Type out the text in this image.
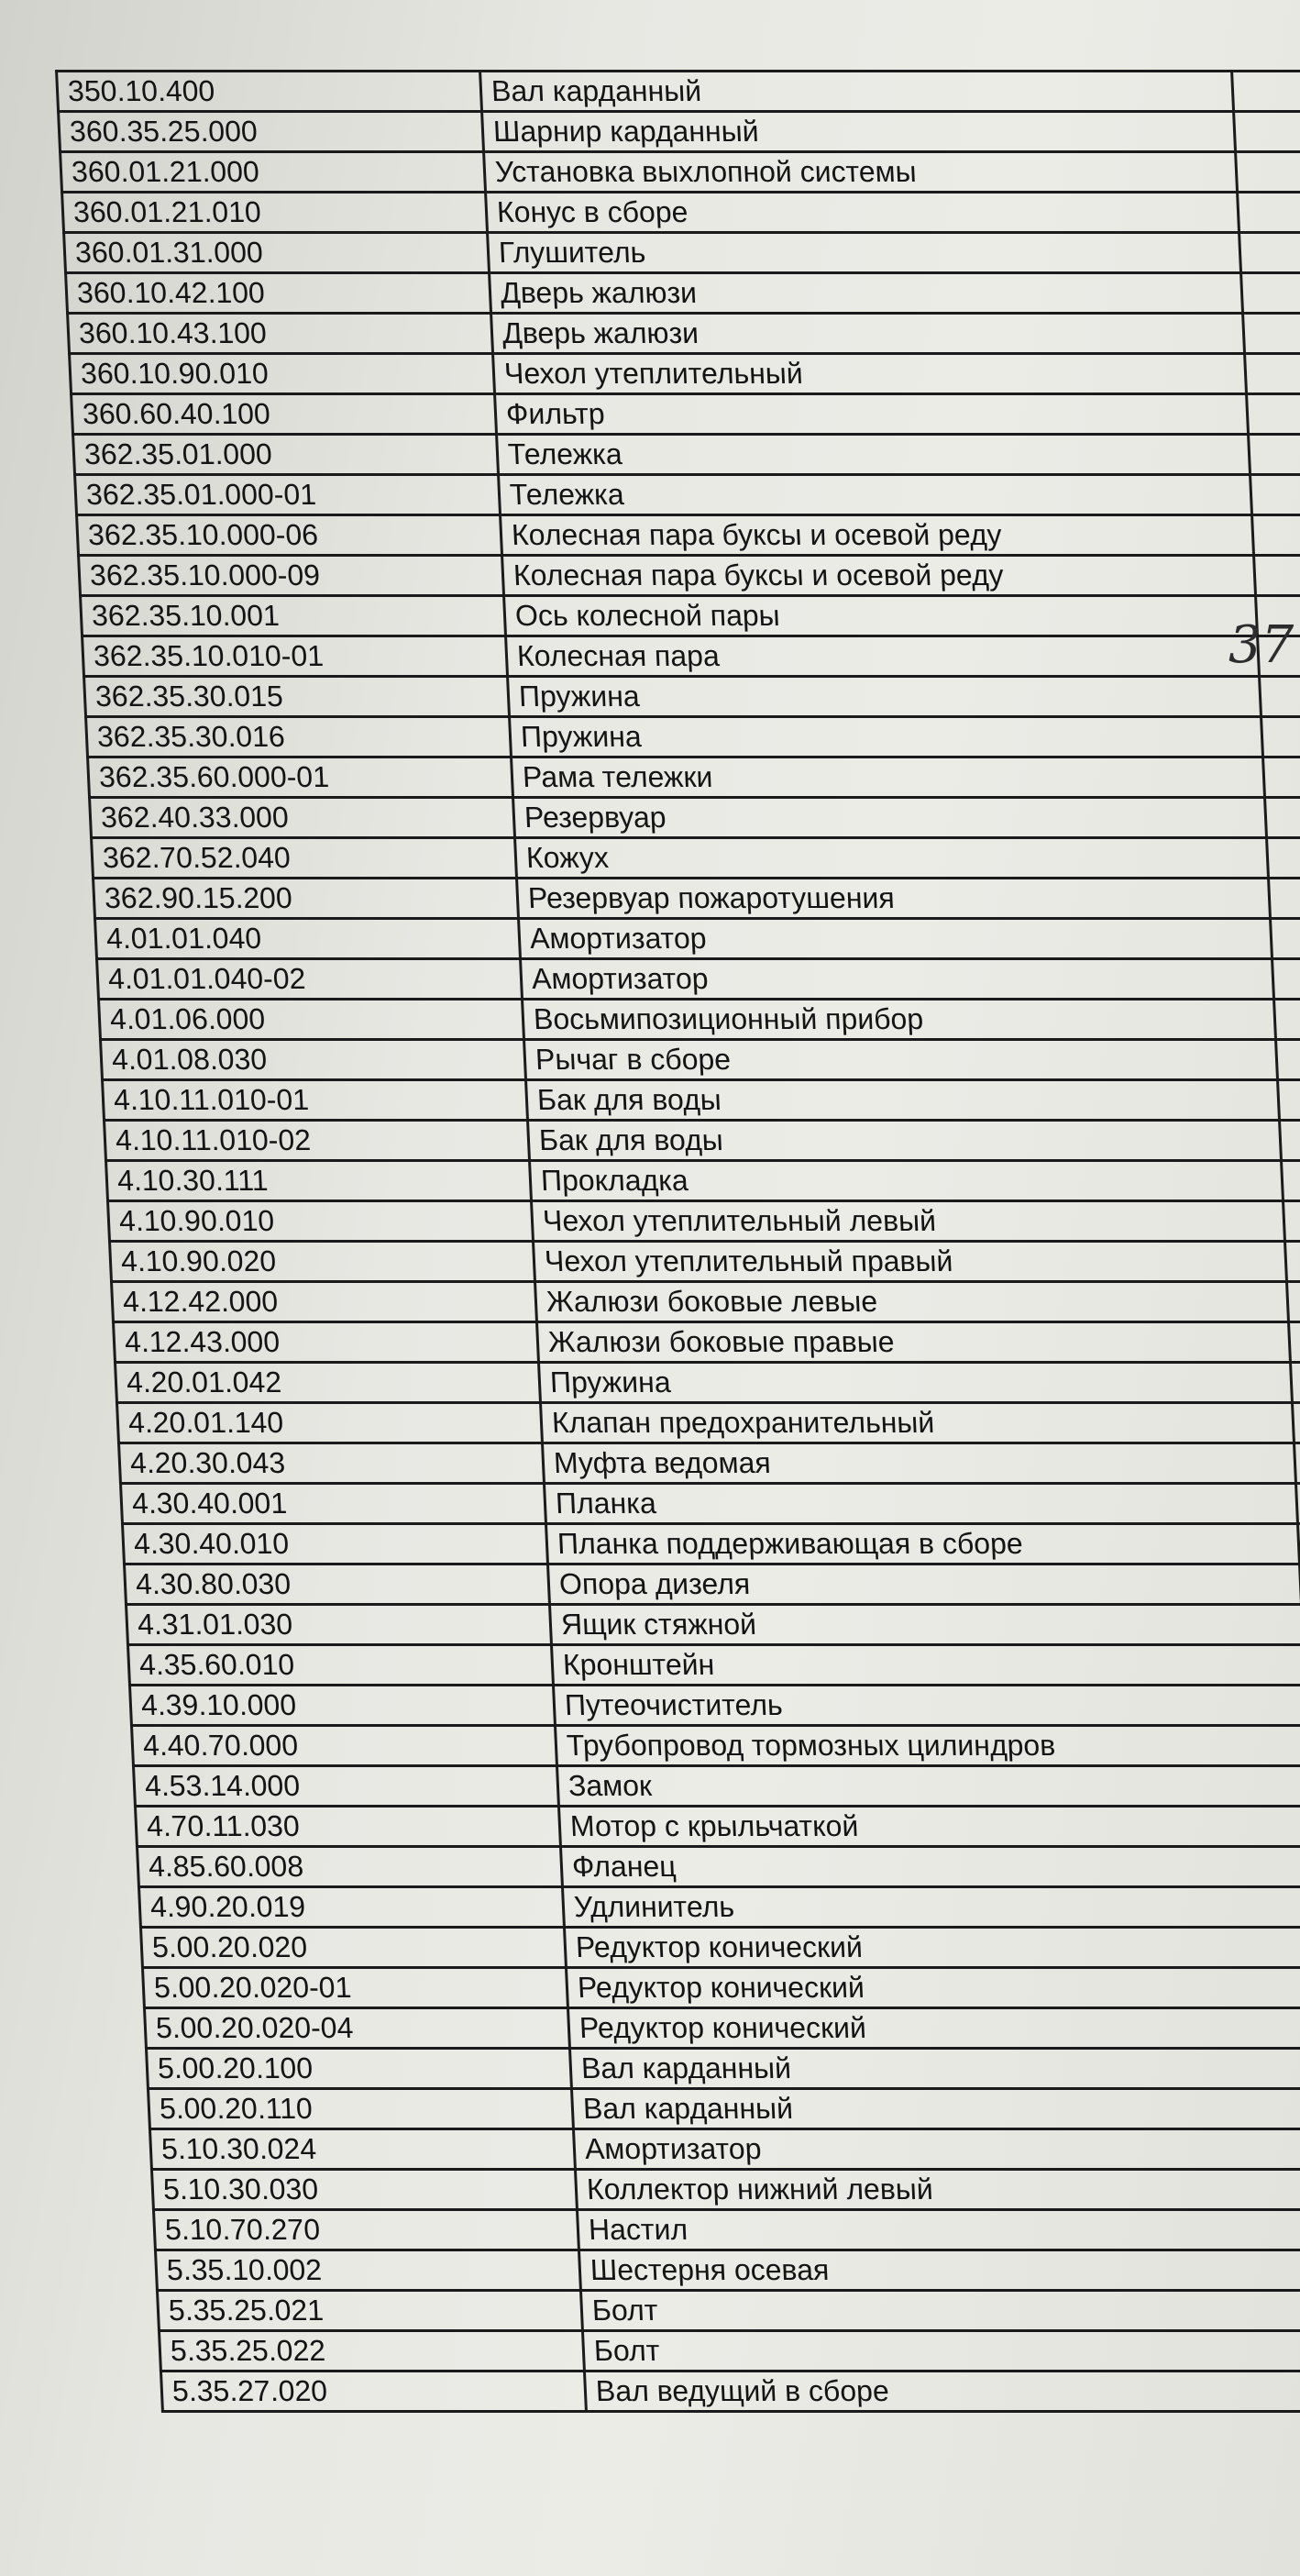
350.10.400	Вал карданный	
360.35.25.000	Шарнир карданный	
360.01.21.000	Установка выхлопной системы	
360.01.21.010	Конус в сборе	
360.01.31.000	Глушитель	
360.10.42.100	Дверь жалюзи	
360.10.43.100	Дверь жалюзи	
360.10.90.010	Чехол утеплительный	
360.60.40.100	Фильтр	
362.35.01.000	Тележка	
362.35.01.000-01	Тележка	
362.35.10.000-06	Колесная пара буксы и осевой реду	
362.35.10.000-09	Колесная пара буксы и осевой реду	
362.35.10.001	Ось колесной пары	
362.35.10.010-01	Колесная пара	
362.35.30.015	Пружина	
362.35.30.016	Пружина	
362.35.60.000-01	Рама тележки	
362.40.33.000	Резервуар	
362.70.52.040	Кожух	
362.90.15.200	Резервуар пожаротушения	
4.01.01.040	Амортизатор	
4.01.01.040-02	Амортизатор	
4.01.06.000	Восьмипозиционный прибор	
4.01.08.030	Рычаг в сборе	
4.10.11.010-01	Бак для воды	
4.10.11.010-02	Бак для воды	
4.10.30.111	Прокладка	
4.10.90.010	Чехол утеплительный левый	
4.10.90.020	Чехол утеплительный правый	
4.12.42.000	Жалюзи боковые левые	
4.12.43.000	Жалюзи боковые правые	
4.20.01.042	Пружина	
4.20.01.140	Клапан предохранительный	
4.20.30.043	Муфта ведомая	
4.30.40.001	Планка	
4.30.40.010	Планка поддерживающая в сборе	
4.30.80.030	Опора дизеля	
4.31.01.030	Ящик стяжной	
4.35.60.010	Кронштейн	
4.39.10.000	Путеочиститель	
4.40.70.000	Трубопровод тормозных цилиндров	
4.53.14.000	Замок	
4.70.11.030	Мотор с крыльчаткой	
4.85.60.008	Фланец	
4.90.20.019	Удлинитель	
5.00.20.020	Редуктор конический	
5.00.20.020-01	Редуктор конический	
5.00.20.020-04	Редуктор конический	
5.00.20.100	Вал карданный	
5.00.20.110	Вал карданный	
5.10.30.024	Амортизатор	
5.10.30.030	Коллектор нижний левый	
5.10.70.270	Настил	
5.35.10.002	Шестерня осевая	
5.35.25.021	Болт	
5.35.25.022	Болт	
5.35.27.020	Вал ведущий в сборе	
37
